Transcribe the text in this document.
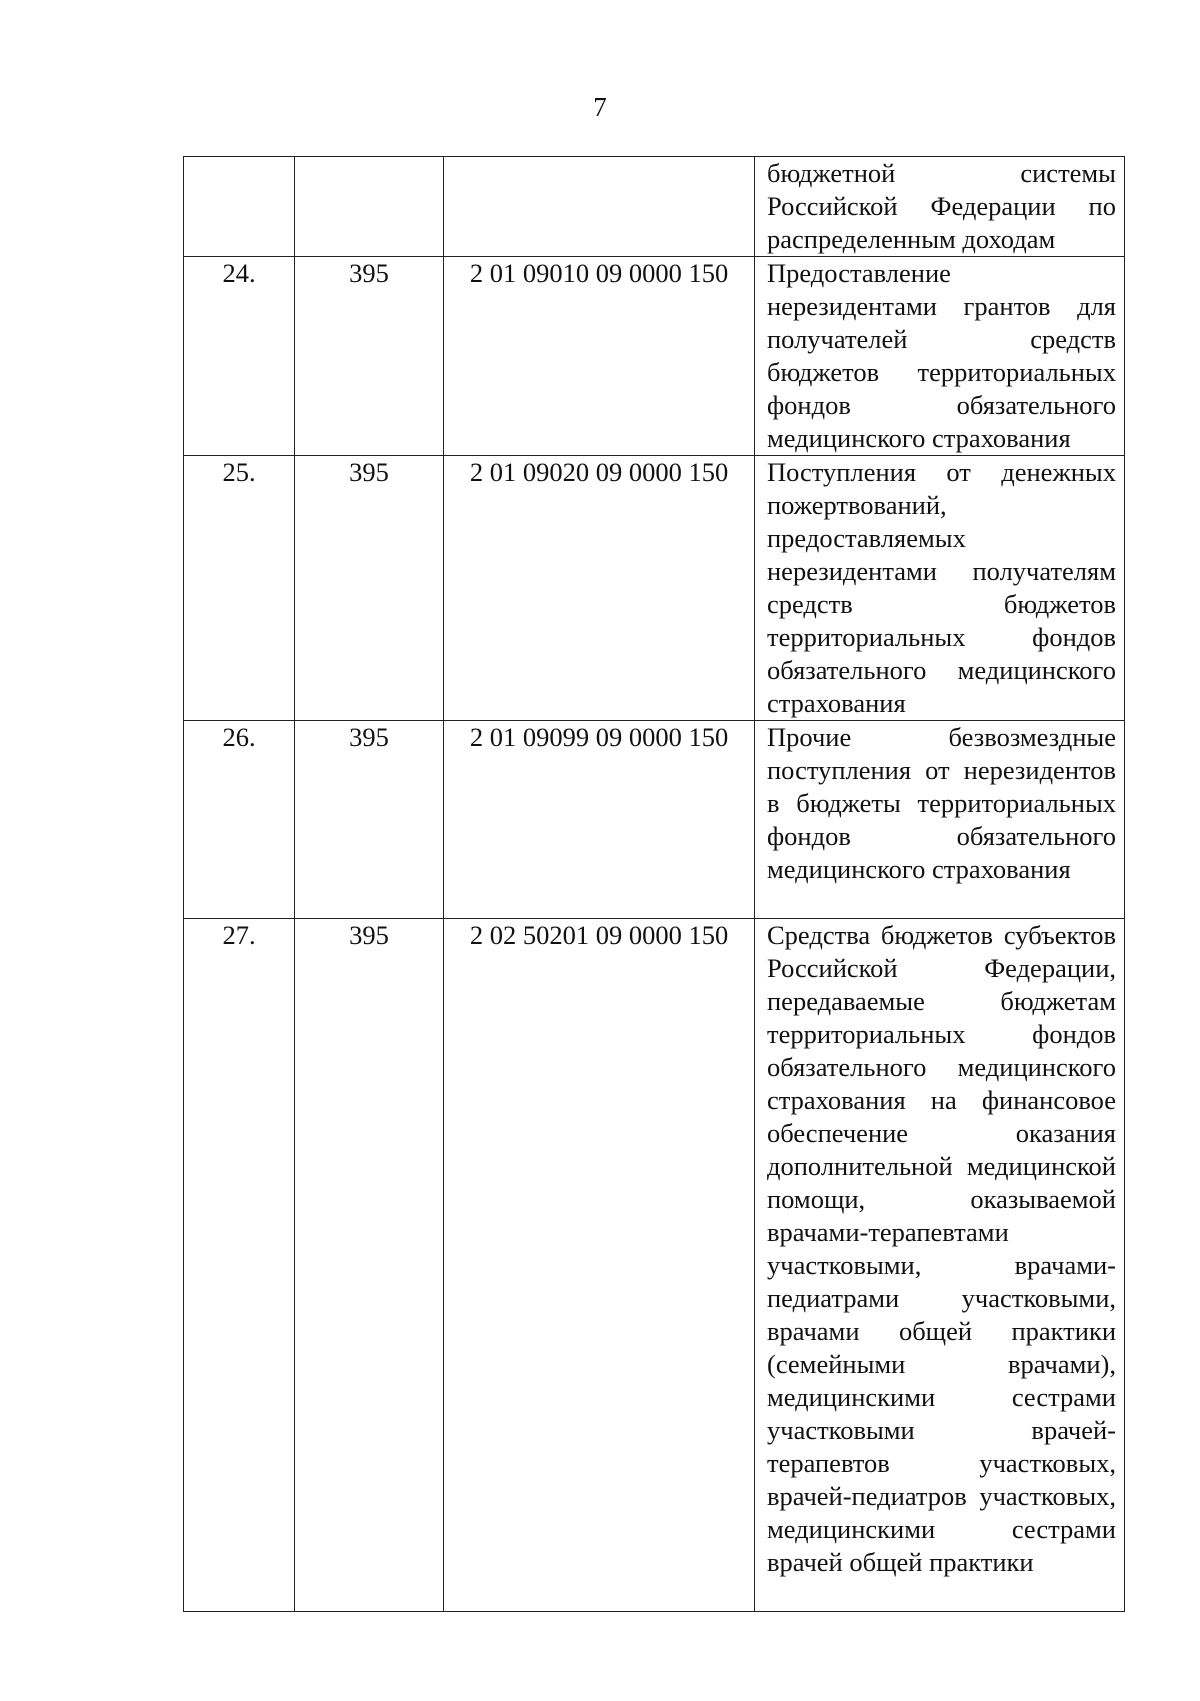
7

			бюджетной системы Российской Федерации по распределенным доходам

24.	395	2 01 09010 09 0000 150	Предоставление нерезидентами грантов для получателей средств бюджетов территориальных фондов обязательного медицинского страхования

25.	395	2 01 09020 09 0000 150	Поступления от денежных пожертвований, предоставляемых нерезидентами получателям средств бюджетов территориальных фондов обязательного медицинского страхования

26.	395	2 01 09099 09 0000 150	Прочие безвозмездные поступления от нерезидентов в бюджеты территориальных фондов обязательного медицинского страхования

27.	395	2 02 50201 09 0000 150	Средства бюджетов субъектов Российской Федерации, передаваемые бюджетам территориальных фондов обязательного медицинского страхования на финансовое обеспечение оказания дополнительной медицинской помощи, оказываемой врачами-терапевтами участковыми, врачами-педиатрами участковыми, врачами общей практики (семейными врачами), медицинскими сестрами участковыми врачей-терапевтов участковых, врачей-педиатров участковых, медицинскими сестрами врачей общей практики
